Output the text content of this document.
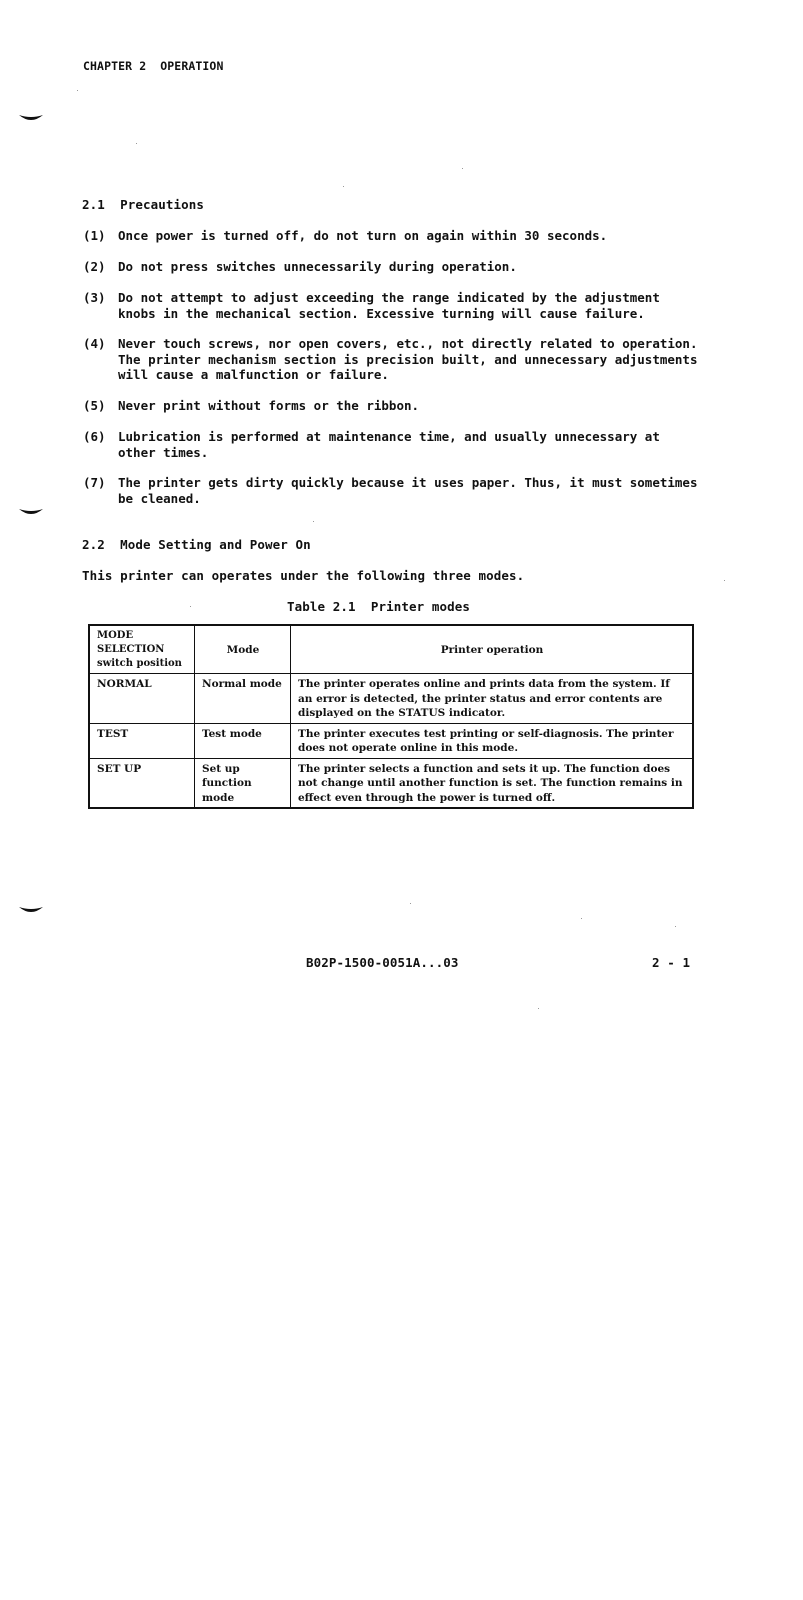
CHAPTER 2  OPERATION
2.1  Precautions
(1) Once power is turned off, do not turn on again within 30 seconds.
(2) Do not press switches unnecessarily during operation.
(3) Do not attempt to adjust exceeding the range indicated by the adjustment knobs in the mechanical section. Excessive turning will cause failure.
(4) Never touch screws, nor open covers, etc., not directly related to operation. The printer mechanism section is precision built, and unnecessary adjustments will cause a malfunction or failure.
(5) Never print without forms or the ribbon.
(6) Lubrication is performed at maintenance time, and usually unnecessary at other times.
(7) The printer gets dirty quickly because it uses paper. Thus, it must sometimes be cleaned.
2.2  Mode Setting and Power On
This printer can operates under the following three modes.
Table 2.1  Printer modes
MODE SELECTION switch position	Mode	Printer operation
NORMAL	Normal mode	The printer operates online and prints data from the system. If an error is detected, the printer status and error contents are displayed on the STATUS indicator.
TEST	Test mode	The printer executes test printing or self-diagnosis. The printer does not operate online in this mode.
SET UP	Set up function mode	The printer selects a function and sets it up. The function does not change until another function is set. The function remains in effect even through the power is turned off.
B02P-1500-0051A...03	2 - 1
